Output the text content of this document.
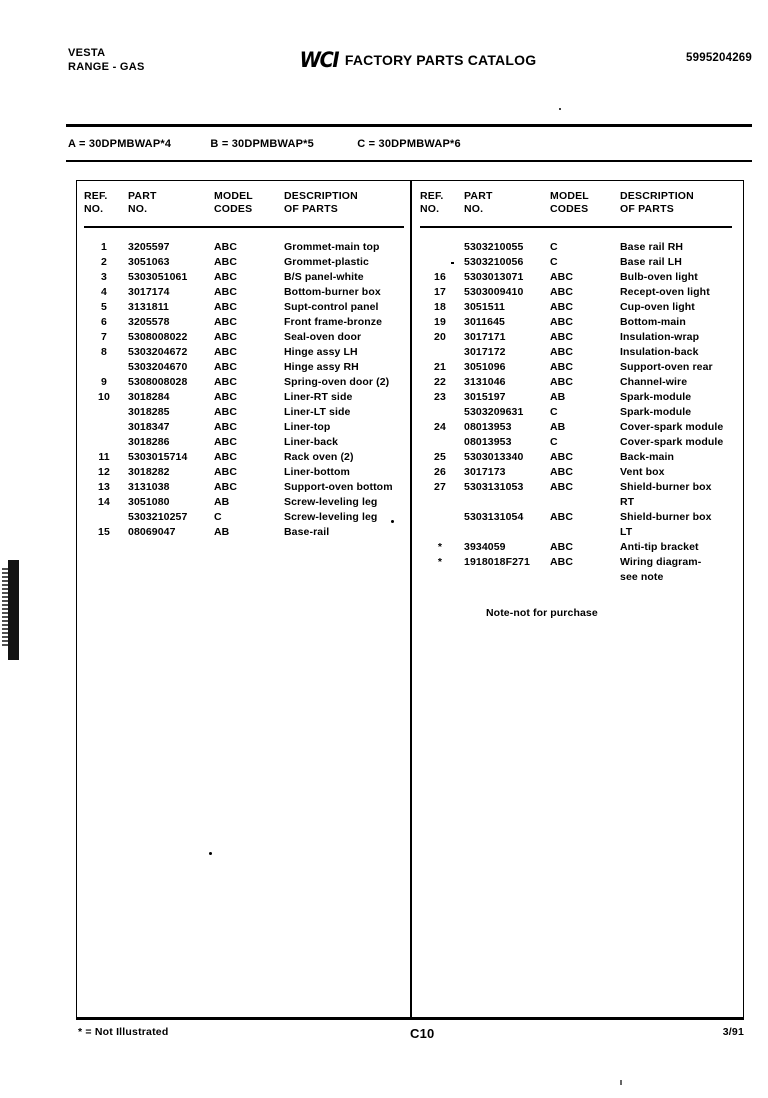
VESTA
RANGE - GAS	WCI FACTORY PARTS CATALOG	5995204269
A = 30DPMBWAP*4	B = 30DPMBWAP*5	C = 30DPMBWAP*6
REF.
NO.
PART
NO.
MODEL
CODES
DESCRIPTION
OF PARTS
1	3205597	ABC	Grommet-main top
2	3051063	ABC	Grommet-plastic
3	5303051061	ABC	B/S panel-white
4	3017174	ABC	Bottom-burner box
5	3131811	ABC	Supt-control panel
6	3205578	ABC	Front frame-bronze
7	5308008022	ABC	Seal-oven door
8	5303204672	ABC	Hinge assy LH
5303204670	ABC	Hinge assy RH
9	5308008028	ABC	Spring-oven door (2)
10	3018284	ABC	Liner-RT side
3018285	ABC	Liner-LT side
3018347	ABC	Liner-top
3018286	ABC	Liner-back
11	5303015714	ABC	Rack oven (2)
12	3018282	ABC	Liner-bottom
13	3131038	ABC	Support-oven bottom
14	3051080	AB	Screw-leveling leg
5303210257	C	Screw-leveling leg
15	08069047	AB	Base-rail
REF.
NO.
PART
NO.
MODEL
CODES
DESCRIPTION
OF PARTS
5303210055	C	Base rail RH
5303210056	C	Base rail LH
16	5303013071	ABC	Bulb-oven light
17	5303009410	ABC	Recept-oven light
18	3051511	ABC	Cup-oven light
19	3011645	ABC	Bottom-main
20	3017171	ABC	Insulation-wrap
3017172	ABC	Insulation-back
21	3051096	ABC	Support-oven rear
22	3131046	ABC	Channel-wire
23	3015197	AB	Spark-module
5303209631	C	Spark-module
24	08013953	AB	Cover-spark module
08013953	C	Cover-spark module
25	5303013340	ABC	Back-main
26	3017173	ABC	Vent box
27	5303131053	ABC	Shield-burner box
RT
5303131054	ABC	Shield-burner box
LT
*	3934059	ABC	Anti-tip bracket
*	1918018F271 ABC	Wiring diagram-
see note
Note-not for purchase
* = Not Illustrated	C10	3/91
